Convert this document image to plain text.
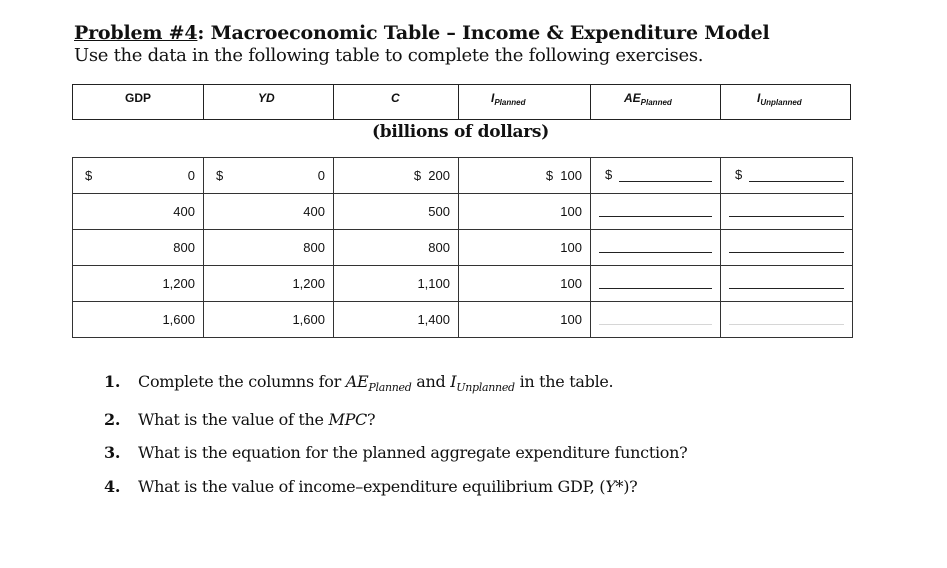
Problem #4: Macroeconomic Table – Income & Expenditure Model
Use the data in the following table to complete the following exercises.
GDP	YD	C	$I_{Planned}$	$AE_{Planned}$	$I_{Unplanned}$
(billions of dollars)
$ 0	$ 0	$ 200	$ 100	$	$

400	400	500	100	

800	800	800	100	

1,200	1,200	1,100	100	

1,600	1,600	1,400	100	

1. Complete the columns for $AE_{Planned}$ and $I_{Unplanned}$ in the table.
2. What is the value of the MPC?
3. What is the equation for the planned aggregate expenditure function?
4. What is the value of income–expenditure equilibrium GDP, (Y*)?
